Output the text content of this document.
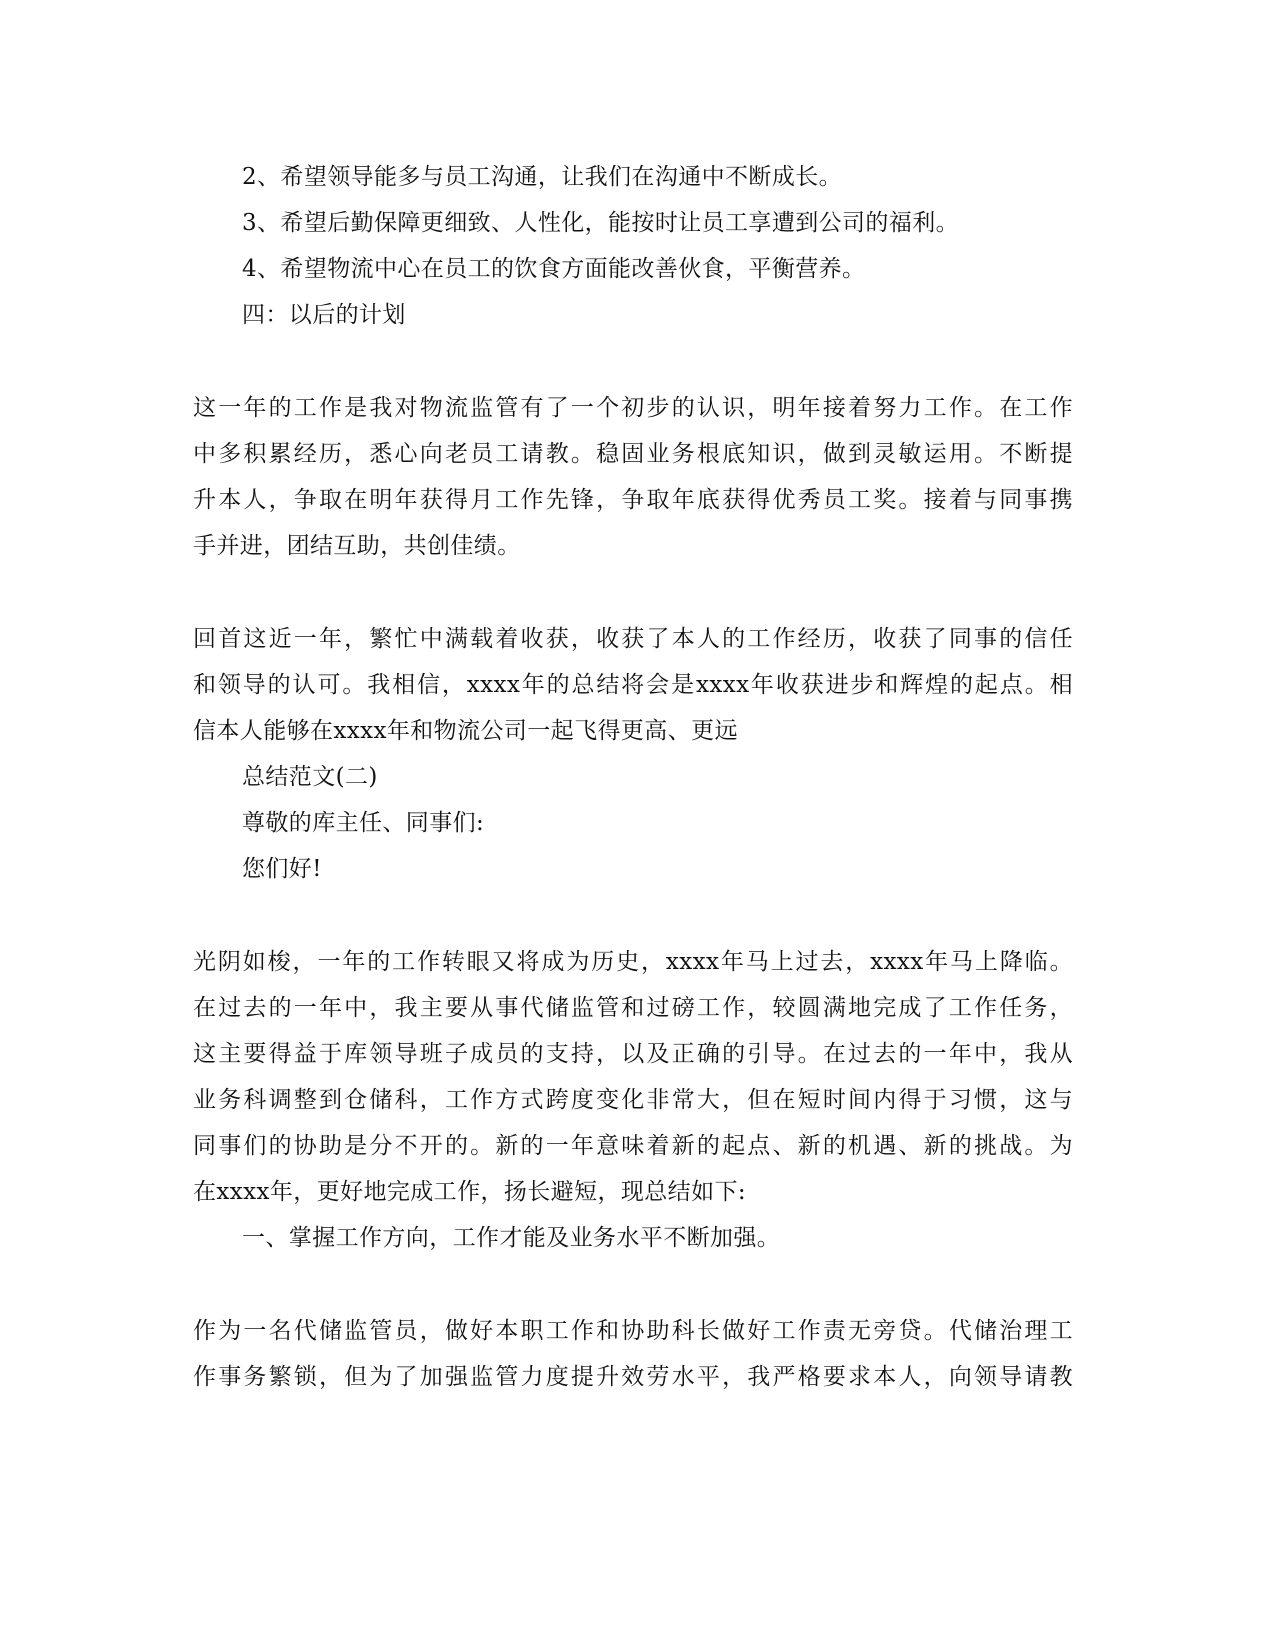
2、希望领导能多与员工沟通，让我们在沟通中不断成长。
3、希望后勤保障更细致、人性化，能按时让员工享遭到公司的福利。
4、希望物流中心在员工的饮食方面能改善伙食，平衡营养。
四：以后的计划
这一年的工作是我对物流监管有了一个初步的认识，明年接着努力工作。在工作
中多积累经历，悉心向老员工请教。稳固业务根底知识，做到灵敏运用。不断提
升本人，争取在明年获得月工作先锋，争取年底获得优秀员工奖。接着与同事携
手并进，团结互助，共创佳绩。
回首这近一年，繁忙中满载着收获，收获了本人的工作经历，收获了同事的信任
和领导的认可。我相信，xxxx年的总结将会是xxxx年收获进步和辉煌的起点。相
信本人能够在xxxx年和物流公司一起飞得更高、更远
总结范文(二)
尊敬的库主任、同事们:
您们好!
光阴如梭，一年的工作转眼又将成为历史，xxxx年马上过去，xxxx年马上降临。
在过去的一年中，我主要从事代储监管和过磅工作，较圆满地完成了工作任务，
这主要得益于库领导班子成员的支持，以及正确的引导。在过去的一年中，我从
业务科调整到仓储科，工作方式跨度变化非常大，但在短时间内得于习惯，这与
同事们的协助是分不开的。新的一年意味着新的起点、新的机遇、新的挑战。为
在xxxx年，更好地完成工作，扬长避短，现总结如下:
一、掌握工作方向，工作才能及业务水平不断加强。
作为一名代储监管员，做好本职工作和协助科长做好工作责无旁贷。代储治理工
作事务繁锁，但为了加强监管力度提升效劳水平，我严格要求本人，向领导请教
